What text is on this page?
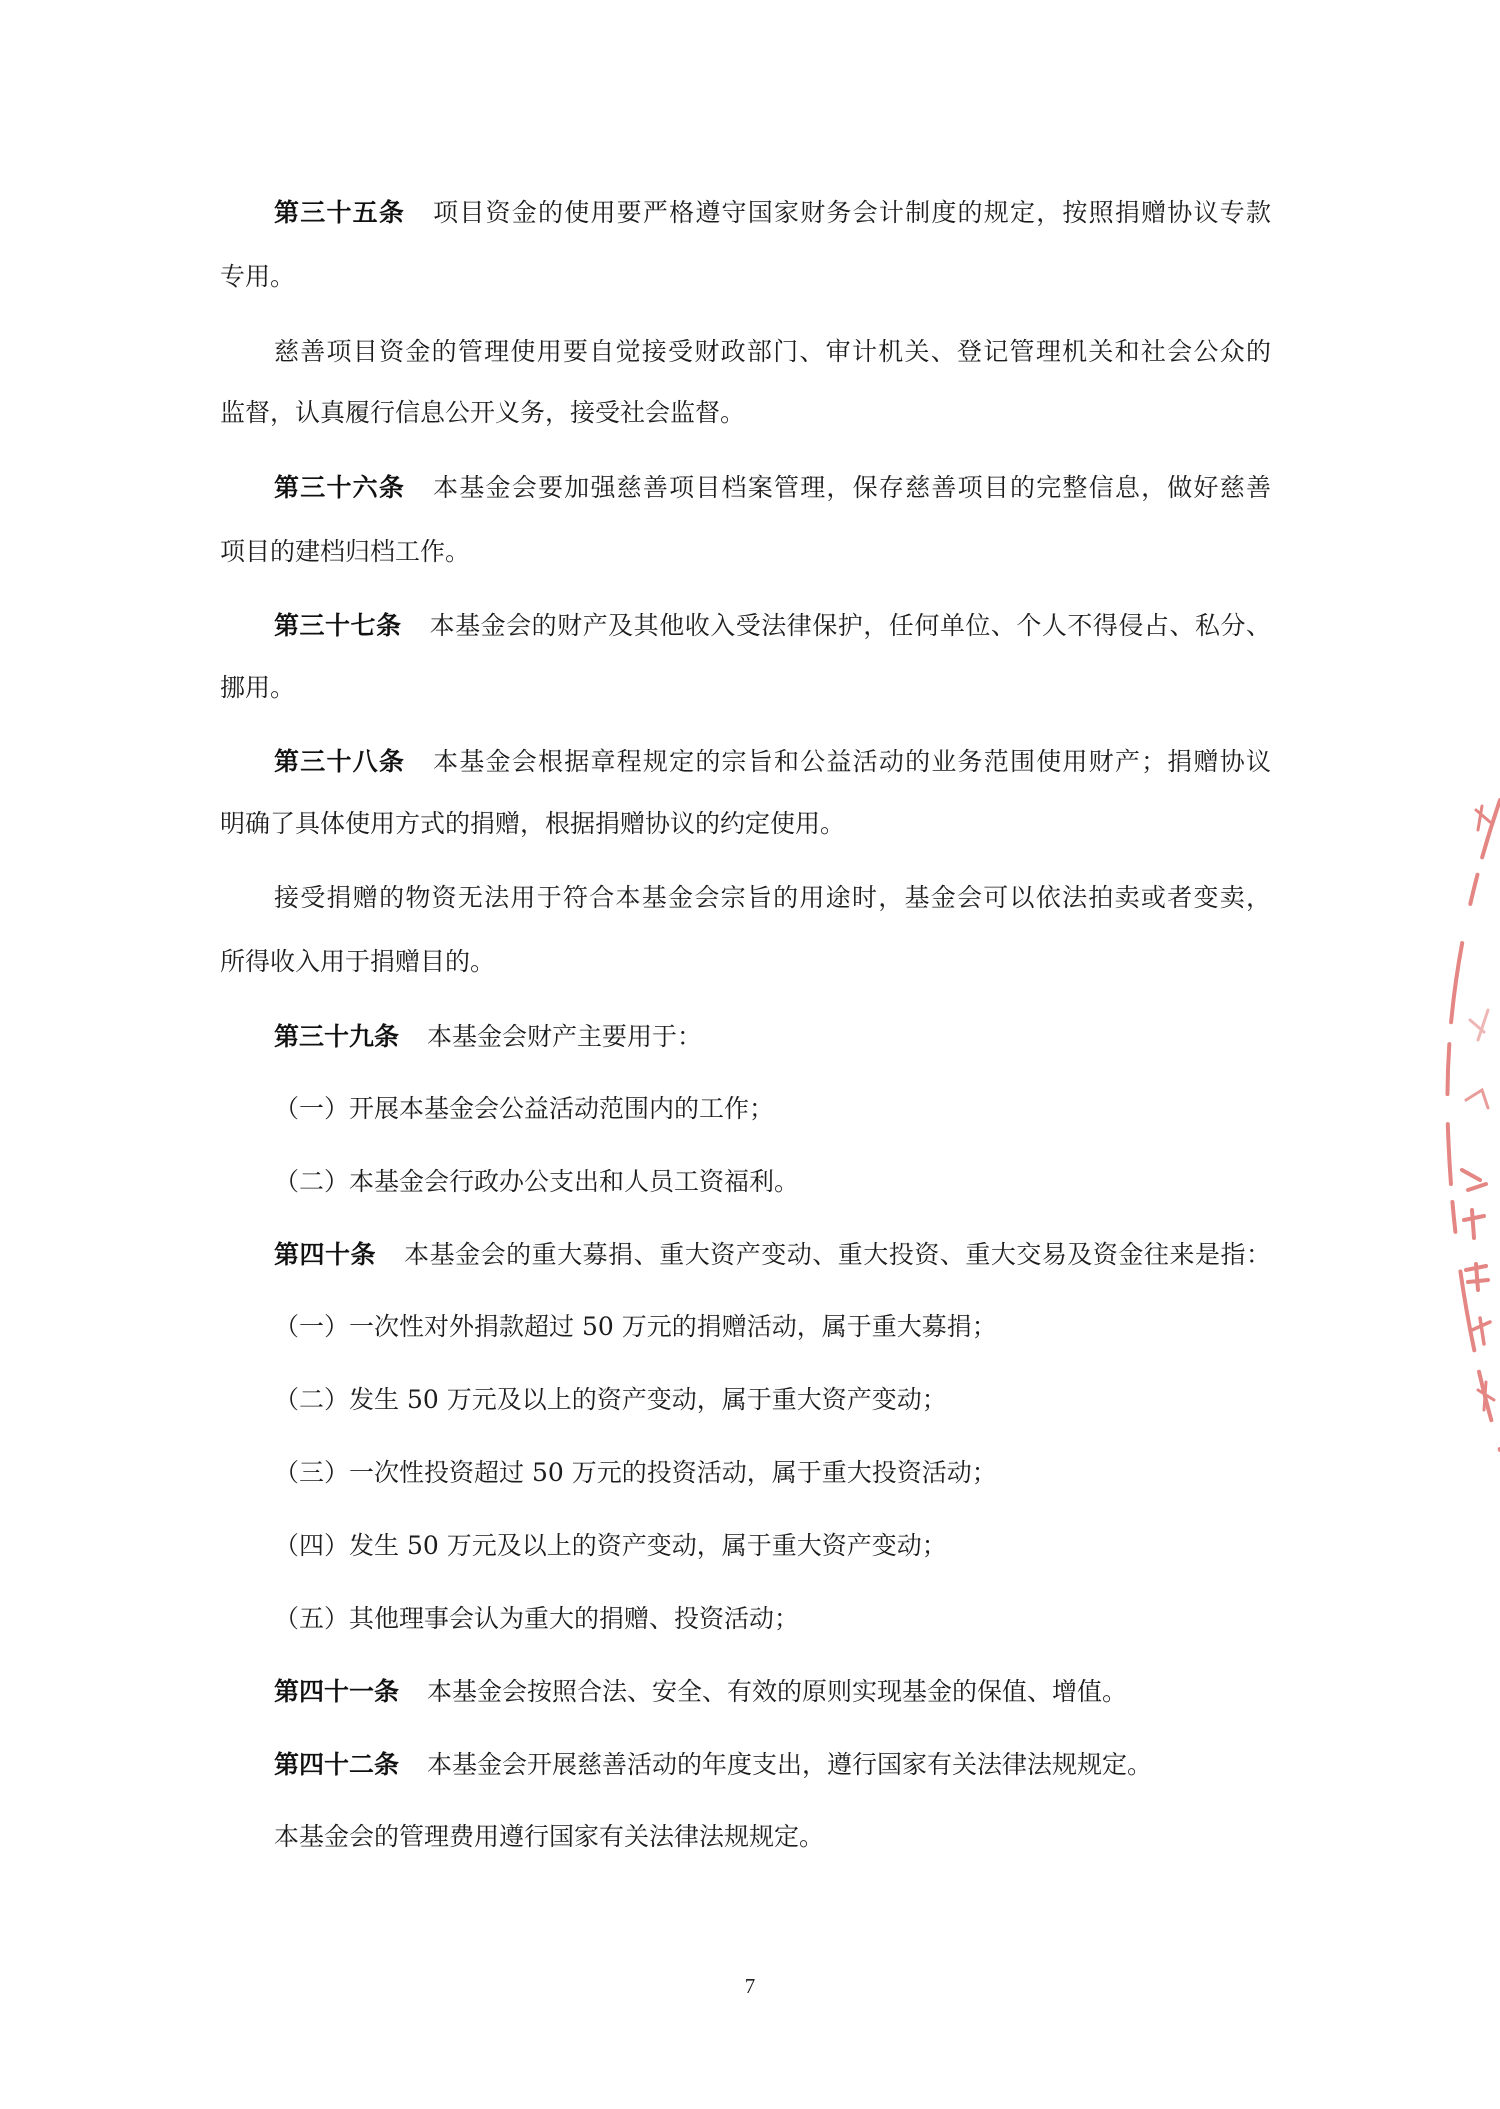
第三十五条 项目资金的使用要严格遵守国家财务会计制度的规定，按照捐赠协议专款
专用。
慈善项目资金的管理使用要自觉接受财政部门、审计机关、登记管理机关和社会公众的
监督，认真履行信息公开义务，接受社会监督。
第三十六条 本基金会要加强慈善项目档案管理，保存慈善项目的完整信息，做好慈善
项目的建档归档工作。
第三十七条 本基金会的财产及其他收入受法律保护，任何单位、个人不得侵占、私分、
挪用。
第三十八条 本基金会根据章程规定的宗旨和公益活动的业务范围使用财产；捐赠协议
明确了具体使用方式的捐赠，根据捐赠协议的约定使用。
接受捐赠的物资无法用于符合本基金会宗旨的用途时，基金会可以依法拍卖或者变卖，
所得收入用于捐赠目的。
第三十九条 本基金会财产主要用于：
（一）开展本基金会公益活动范围内的工作；
（二）本基金会行政办公支出和人员工资福利。
第四十条 本基金会的重大募捐、重大资产变动、重大投资、重大交易及资金往来是指：
（一）一次性对外捐款超过 50 万元的捐赠活动，属于重大募捐；
（二）发生 50 万元及以上的资产变动，属于重大资产变动；
（三）一次性投资超过 50 万元的投资活动，属于重大投资活动；
（四）发生 50 万元及以上的资产变动，属于重大资产变动；
（五）其他理事会认为重大的捐赠、投资活动；
第四十一条 本基金会按照合法、安全、有效的原则实现基金的保值、增值。
第四十二条 本基金会开展慈善活动的年度支出，遵行国家有关法律法规规定。
本基金会的管理费用遵行国家有关法律法规规定。
7
